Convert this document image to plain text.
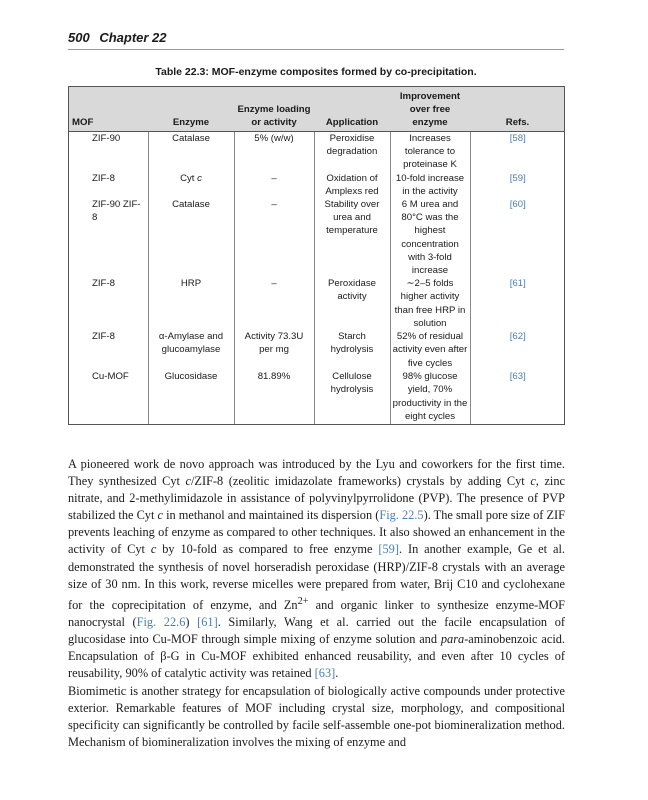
500 Chapter 22
Table 22.3: MOF-enzyme composites formed by co-precipitation.
MOF	Enzyme	Enzyme loading or activity	Application	Improvement over free enzyme	Refs.
ZIF-90	Catalase	5% (w/w)	Peroxidise degradation	Increases tolerance to proteinase K	[58]
ZIF-8	Cyt c	–	Oxidation of Amplexs red	10-fold increase in the activity	[59]
ZIF-90 ZIF-8	Catalase	–	Stability over urea and temperature	6 M urea and 80°C was the highest concentration with 3-fold increase	[60]
ZIF-8	HRP	–	Peroxidase activity	∼2–5 folds higher activity than free HRP in solution	[61]
ZIF-8	α-Amylase and glucoamylase	Activity 73.3U per mg	Starch hydrolysis	52% of residual activity even after five cycles	[62]
Cu-MOF	Glucosidase	81.89%	Cellulose hydrolysis	98% glucose yield, 70% productivity in the eight cycles	[63]

A pioneered work de novo approach was introduced by the Lyu and coworkers for the first time. They synthesized Cyt c/ZIF-8 (zeolitic imidazolate frameworks) crystals by adding Cyt c, zinc nitrate, and 2-methylimidazole in assistance of polyvinylpyrrolidone (PVP). The presence of PVP stabilized the Cyt c in methanol and maintained its dispersion (Fig. 22.5). The small pore size of ZIF prevents leaching of enzyme as compared to other techniques. It also showed an enhancement in the activity of Cyt c by 10-fold as compared to free enzyme [59]. In another example, Ge et al. demonstrated the synthesis of novel horseradish peroxidase (HRP)/ZIF-8 crystals with an average size of 30 nm. In this work, reverse micelles were prepared from water, Brij C10 and cyclohexane for the coprecipitation of enzyme, and $Zn^{2+}$ and organic linker to synthesize enzyme-MOF nanocrystal (Fig. 22.6) [61]. Similarly, Wang et al. carried out the facile encapsulation of glucosidase into Cu-MOF through simple mixing of enzyme solution and para-aminobenzoic acid. Encapsulation of β-G in Cu-MOF exhibited enhanced reusability, and even after 10 cycles of reusability, 90% of catalytic activity was retained [63].

Biomimetic is another strategy for encapsulation of biologically active compounds under protective exterior. Remarkable features of MOF including crystal size, morphology, and compositional specificity can significantly be controlled by facile self-assemble one-pot biomineralization method. Mechanism of biomineralization involves the mixing of enzyme and
